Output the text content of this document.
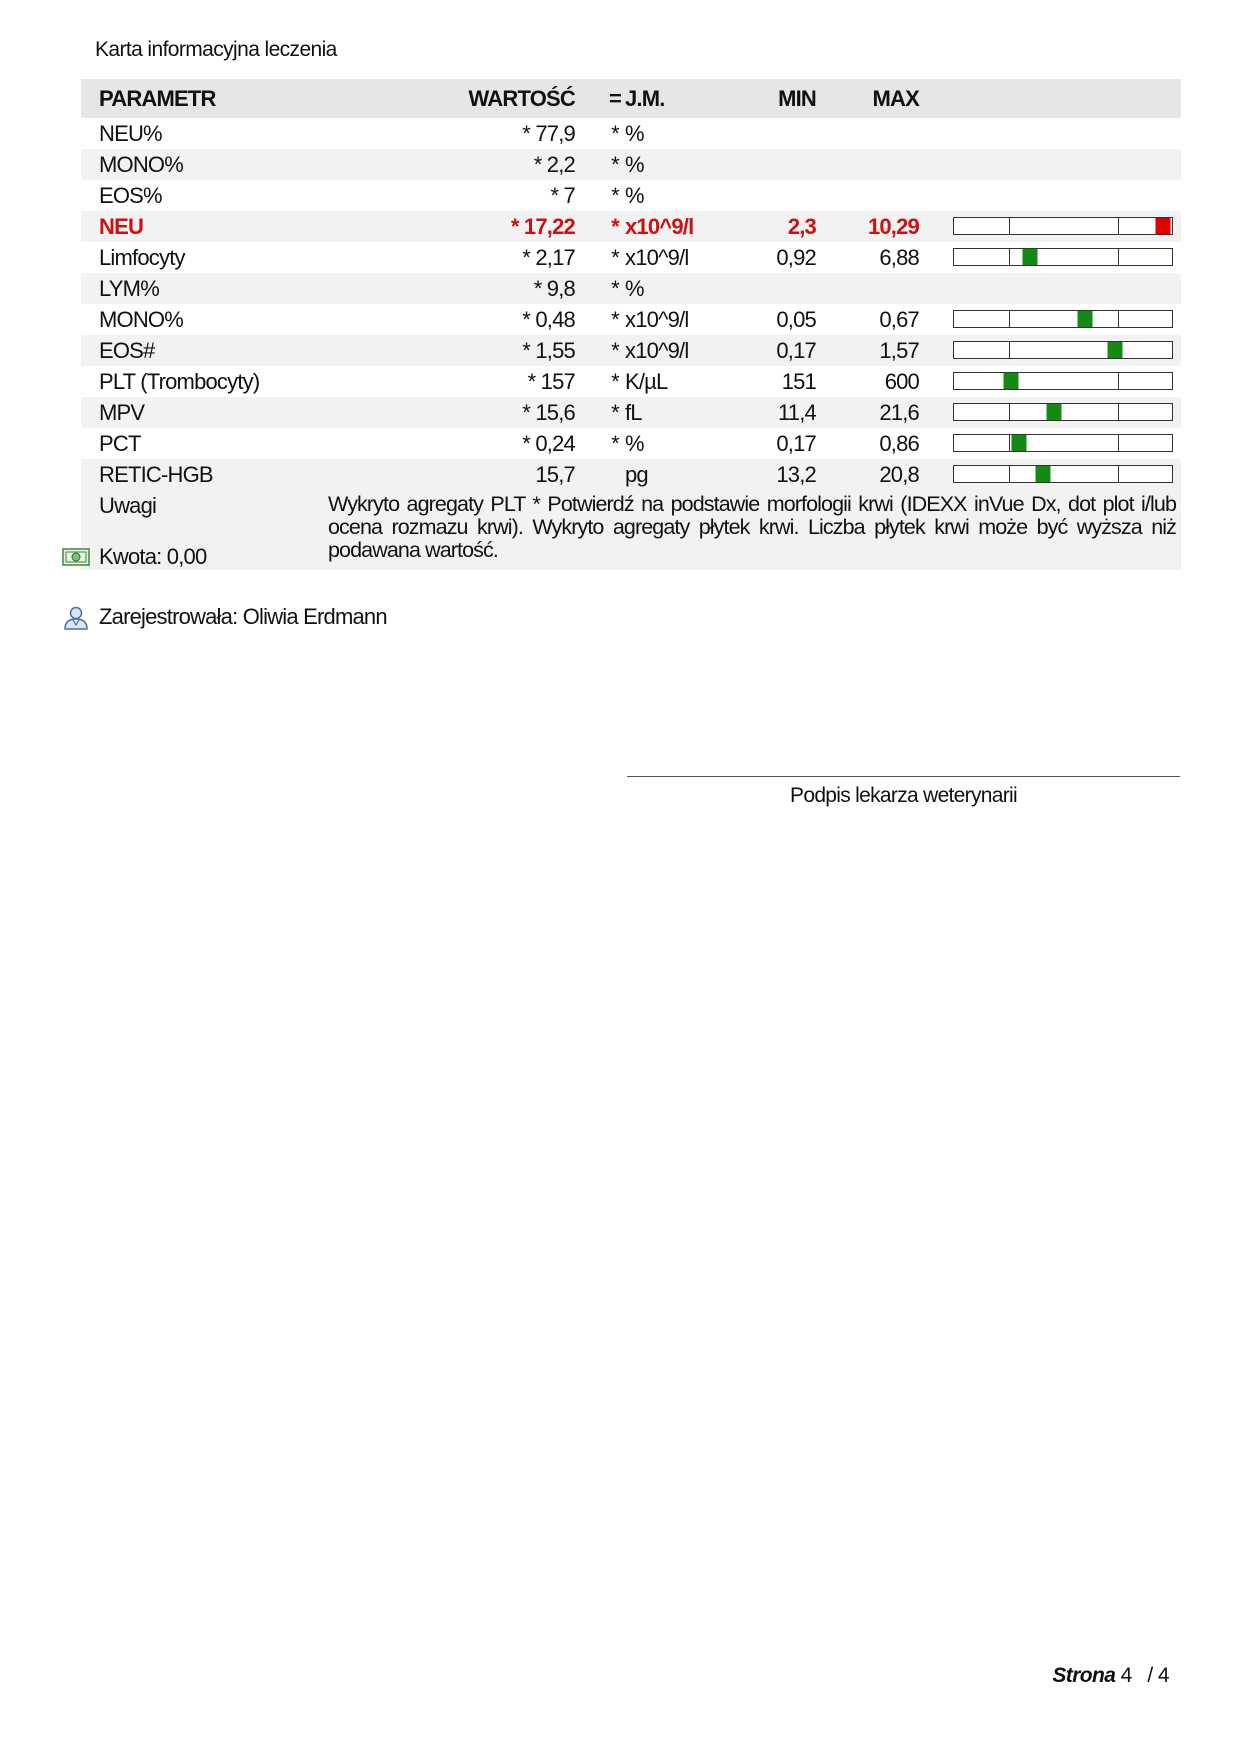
Karta informacyjna leczenia
PARAMETR	WARTOŚĆ	= J.M.	MIN	MAX
NEU%	* 77,9	* %
MONO%	* 2,2	* %
EOS%	* 7	* %
NEU	* 17,22	* x10^9/l	2,3 10,29
Limfocyty	* 2,17	* x10^9/l	0,92	6,88
LYM%	* 9,8	* %
MONO%	* 0,48	* x10^9/l	0,05	0,67
EOS#	* 1,55	* x10^9/l	0,17	1,57
PLT (Trombocyty)	* 157	* K/µL	151	600
MPV	* 15,6	* fL	11,4	21,6
PCT	* 0,24	* %	0,17	0,86
RETIC-HGB	15,7 pg	13,2	20,8
Uwagi	Wykryto agregaty PLT * Potwierdź na podstawie morfologii krwi (IDEXX inVue Dx, dot plot i/lub ocena rozmazu krwi). Wykryto agregaty płytek krwi. Liczba płytek krwi może być wyższa niż podawana wartość.
Kwota: 0,00
Zarejestrowała: Oliwia Erdmann
Podpis lekarza weterynarii
Strona 4 / 4
